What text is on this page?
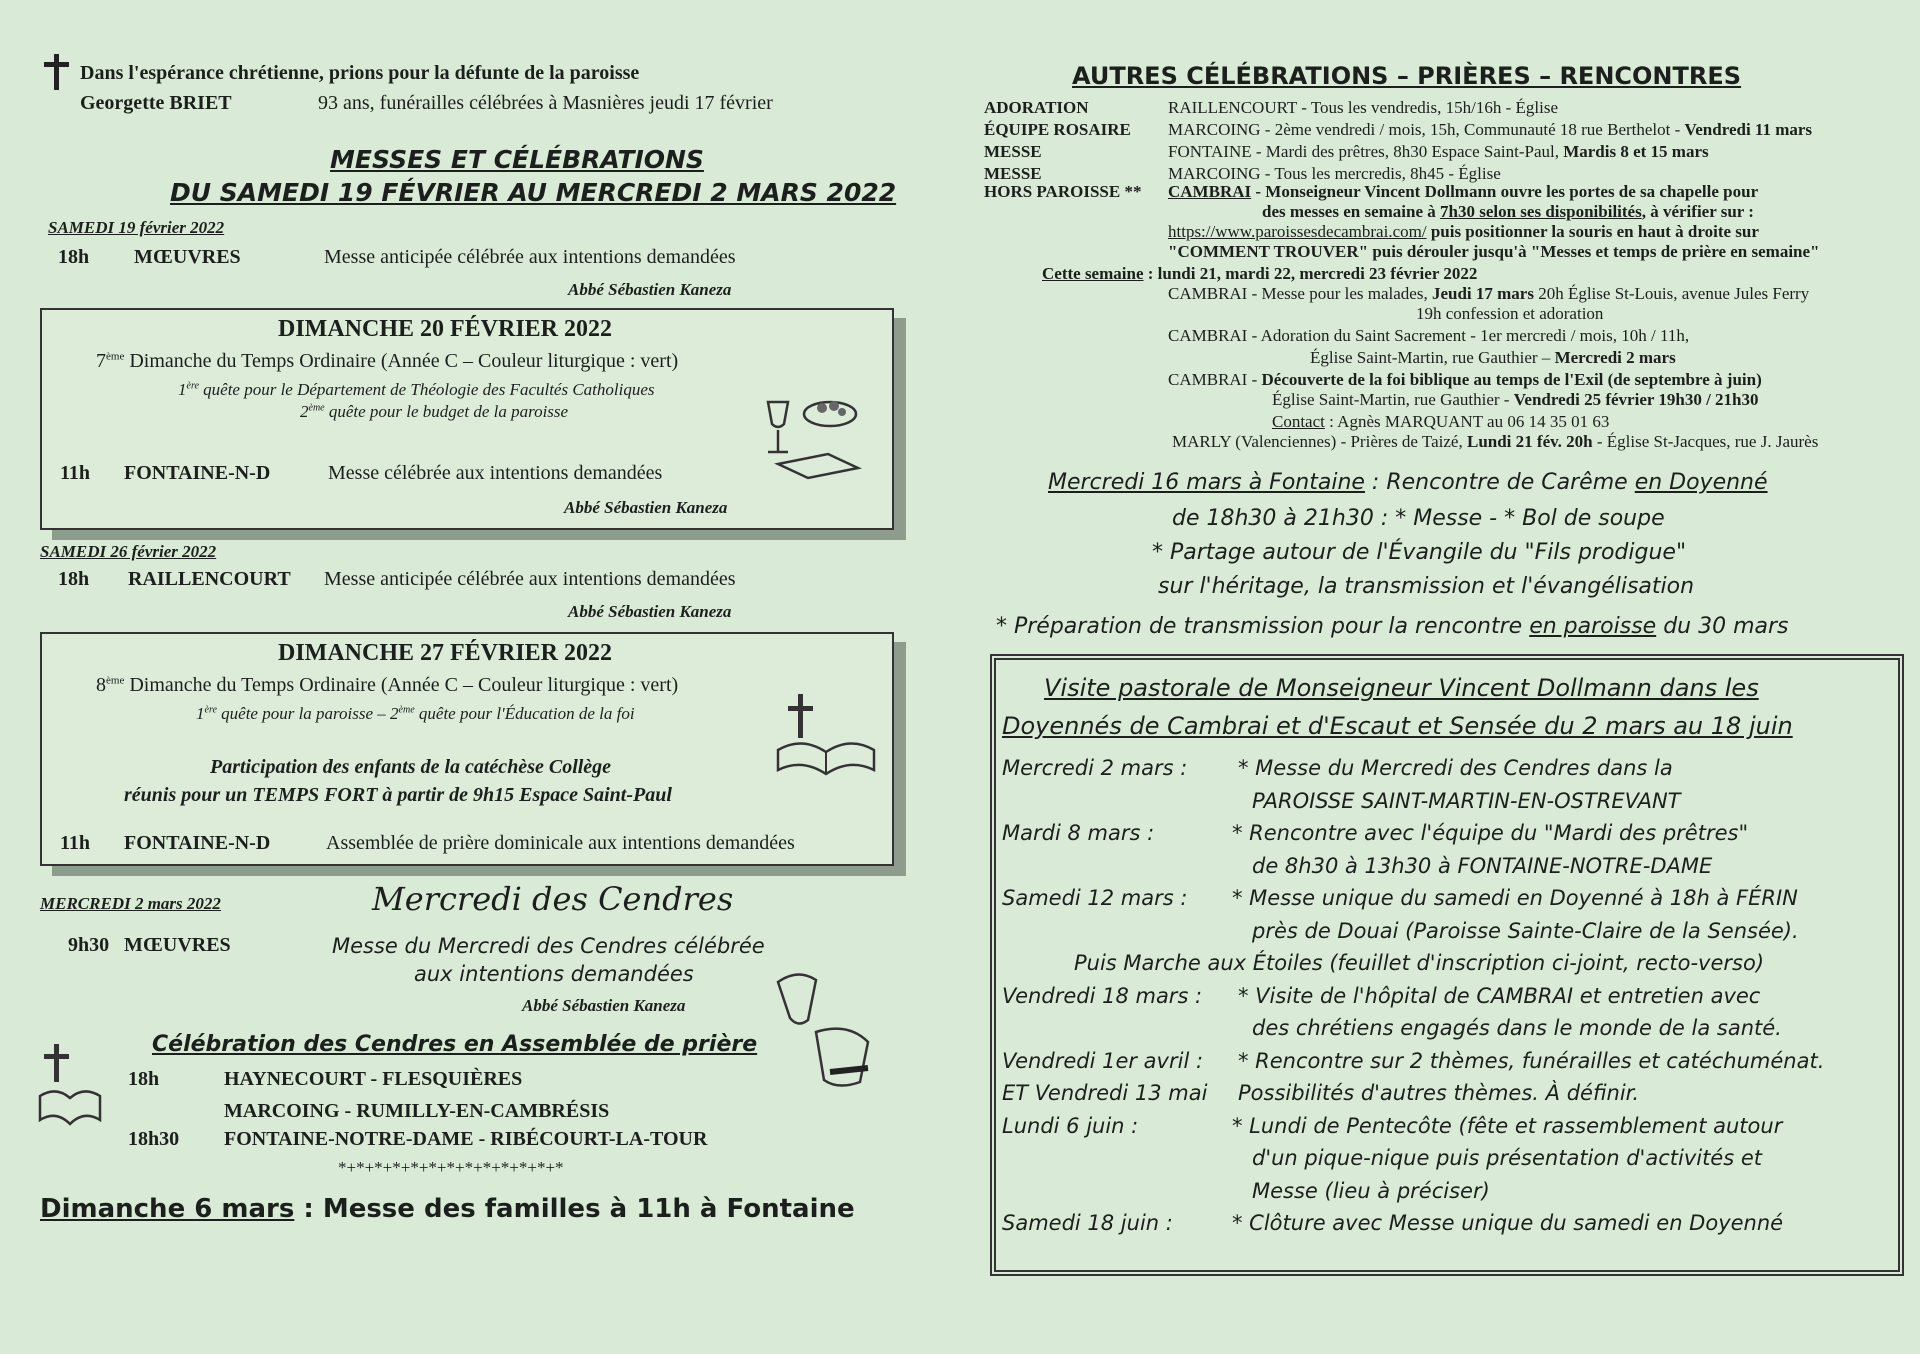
Dans l'espérance chrétienne, prions pour la défunte de la paroisse
Georgette BRIET	93 ans, funérailles célébrées à Masnières jeudi 17 février
MESSES ET CÉLÉBRATIONS
DU SAMEDI 19 FÉVRIER AU MERCREDI 2 MARS 2022
SAMEDI 19 février 2022
18h MŒUVRES	Messe anticipée célébrée aux intentions demandées
Abbé Sébastien Kaneza
DIMANCHE 20 FÉVRIER 2022
7ème Dimanche du Temps Ordinaire (Année C – Couleur liturgique : vert)
1ère quête pour le Département de Théologie des Facultés Catholiques
2ème quête pour le budget de la paroisse
11h FONTAINE-N-D	Messe célébrée aux intentions demandées
Abbé Sébastien Kaneza
SAMEDI 26 février 2022
18h RAILLENCOURT Messe anticipée célébrée aux intentions demandées
Abbé Sébastien Kaneza
DIMANCHE 27 FÉVRIER 2022
8ème Dimanche du Temps Ordinaire (Année C – Couleur liturgique : vert)
1ère quête pour la paroisse – 2ème quête pour l'Éducation de la foi
Participation des enfants de la catéchèse Collège
réunis pour un TEMPS FORT à partir de 9h15 Espace Saint-Paul
11h FONTAINE-N-D	Assemblée de prière dominicale aux intentions demandées
MERCREDI 2 mars 2022	Mercredi des Cendres
9h30 MŒUVRES	Messe du Mercredi des Cendres célébrée
aux intentions demandées
Abbé Sébastien Kaneza
Célébration des Cendres en Assemblée de prière
18h	HAYNECOURT - FLESQUIÈRES
MARCOING - RUMILLY-EN-CAMBRÉSIS
18h30 FONTAINE-NOTRE-DAME - RIBÉCOURT-LA-TOUR
*+*+*+*+*+*+*+*+*+*+*+*+*
Dimanche 6 mars : Messe des familles à 11h à Fontaine
AUTRES CÉLÉBRATIONS – PRIÈRES – RENCONTRES
ADORATION	RAILLENCOURT - Tous les vendredis, 15h/16h - Église
ÉQUIPE ROSAIRE MARCOING - 2ème vendredi / mois, 15h, Communauté 18 rue Berthelot - Vendredi 11 mars
MESSE	FONTAINE - Mardi des prêtres, 8h30 Espace Saint-Paul, Mardis 8 et 15 mars
MESSE	MARCOING - Tous les mercredis, 8h45 - Église
HORS PAROISSE ** CAMBRAI - Monseigneur Vincent Dollmann ouvre les portes de sa chapelle pour
des messes en semaine à 7h30 selon ses disponibilités, à vérifier sur :
https://www.paroissesdecambrai.com/ puis positionner la souris en haut à droite sur
"COMMENT TROUVER" puis dérouler jusqu'à "Messes et temps de prière en semaine"
Cette semaine : lundi 21, mardi 22, mercredi 23 février 2022
CAMBRAI - Messe pour les malades, Jeudi 17 mars 20h Église St-Louis, avenue Jules Ferry
19h confession et adoration
CAMBRAI - Adoration du Saint Sacrement - 1er mercredi / mois, 10h / 11h,
Église Saint-Martin, rue Gauthier – Mercredi 2 mars
CAMBRAI - Découverte de la foi biblique au temps de l'Exil (de septembre à juin)
Église Saint-Martin, rue Gauthier - Vendredi 25 février 19h30 / 21h30
Contact : Agnès MARQUANT au 06 14 35 01 63
MARLY (Valenciennes) - Prières de Taizé, Lundi 21 fév. 20h - Église St-Jacques, rue J. Jaurès
Mercredi 16 mars à Fontaine : Rencontre de Carême en Doyenné
de 18h30 à 21h30 : * Messe - * Bol de soupe
* Partage autour de l'Évangile du "Fils prodigue"
sur l'héritage, la transmission et l'évangélisation
* Préparation de transmission pour la rencontre en paroisse du 30 mars
Visite pastorale de Monseigneur Vincent Dollmann dans les
Doyennés de Cambrai et d'Escaut et Sensée du 2 mars au 18 juin
Mercredi 2 mars : * Messe du Mercredi des Cendres dans la
PAROISSE SAINT-MARTIN-EN-OSTREVANT
Mardi 8 mars :	* Rencontre avec l'équipe du "Mardi des prêtres"
de 8h30 à 13h30 à FONTAINE-NOTRE-DAME
Samedi 12 mars : * Messe unique du samedi en Doyenné à 18h à FÉRIN
près de Douai (Paroisse Sainte-Claire de la Sensée).
Puis Marche aux Étoiles (feuillet d'inscription ci-joint, recto-verso)
Vendredi 18 mars : * Visite de l'hôpital de CAMBRAI et entretien avec
des chrétiens engagés dans le monde de la santé.
Vendredi 1er avril : * Rencontre sur 2 thèmes, funérailles et catéchuménat.
ET Vendredi 13 mai Possibilités d'autres thèmes. À définir.
Lundi 6 juin :	* Lundi de Pentecôte (fête et rassemblement autour
d'un pique-nique puis présentation d'activités et
Messe (lieu à préciser)
Samedi 18 juin :	* Clôture avec Messe unique du samedi en Doyenné
